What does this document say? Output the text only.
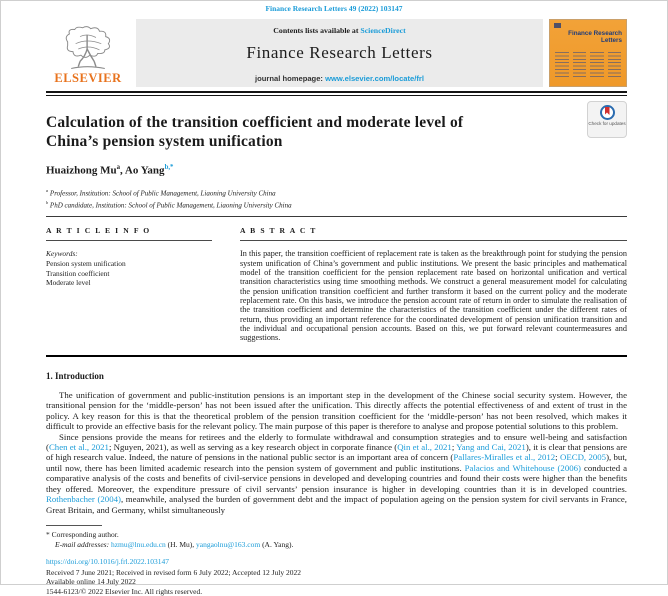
Finance Research Letters 49 (2022) 103147
ELSEVIER
Contents lists available at ScienceDirect
Finance Research Letters
journal homepage: www.elsevier.com/locate/frl
Finance Research Letters
Calculation of the transition coefficient and moderate level of
China’s pension system unification
Check for updates
Huaizhong Mu$^a$, Ao Yang$^{b,*}$
$^a$ Professor, Institution: School of Public Management, Liaoning University China
$^b$ PhD candidate, Institution: School of Public Management, Liaoning University China
A R T I C L E I N F O
Keywords:
Pension system unification
Transition coefficient
Moderate level
A B S T R A C T

In this paper, the transition coefficient of replacement rate is taken as the breakthrough point for studying the pension system unification of China’s government and public institutions. We present the basic principles and mathematical model of the transition coefficient for the pension replacement rate based on horizontal unification and vertical transition characteristics using time smoothing methods. We construct a general measurement model for calculating the pension unification transition coefficient and further transform it based on the current policy and the moderate replacement rate. On this basis, we introduce the pension account rate of return in order to simulate the realisation of the transition coefficient and determine the characteristics of the transition coefficient under the different rates of return, thus providing an important reference for the coordinated development of pension unification transition and the individual and occupational pension accounts. Based on this, we put forward relevant countermeasures and suggestions.

1. Introduction

The unification of government and public-institution pensions is an important step in the development of the Chinese social security system. However, the transitional pension for the ‘middle-person’ has not been issued after the unification. This directly affects the potential effectiveness of and extent of trust in the policy. A key reason for this is that the theoretical problem of the pension transition coefficient for the ‘middle-person’ has not been resolved, which makes it difficult to provide an effective basis for the relevant policy. The main purpose of this paper is therefore to analyse and propose potential solutions to this problem.

Since pensions provide the means for retirees and the elderly to formulate withdrawal and consumption strategies and to ensure well-being and satisfaction (Chen et al., 2021; Nguyen, 2021), as well as serving as a key research object in corporate finance (Qin et al., 2021; Yang and Cai, 2021), it is clear that pensions are of high research value. Indeed, the nature of pensions in the national public sector is an important area of concern (Pallares-Miralles et al., 2012; OECD, 2005), but, until now, there has been limited academic research into the pension system of government and public institutions. Palacios and Whitehouse (2006) conducted a comparative analysis of the costs and benefits of civil-service pensions in developed and developing countries and found their costs were higher than the benefits they offered. Moreover, the expenditure pressure of civil servants’ pension insurance is higher in developing countries than it is in developed countries. Rothenbacher (2004), meanwhile, analysed the burden of government debt and the impact of population ageing on the pension system for civil servants in France, Great Britain, and Germany, whilst simultaneously

* Corresponding author.
E-mail addresses: hzmu@lnu.edu.cn (H. Mu), yangaolnu@163.com (A. Yang).
https://doi.org/10.1016/j.frl.2022.103147
Received 7 June 2021; Received in revised form 6 July 2022; Accepted 12 July 2022
Available online 14 July 2022
1544-6123/© 2022 Elsevier Inc. All rights reserved.
